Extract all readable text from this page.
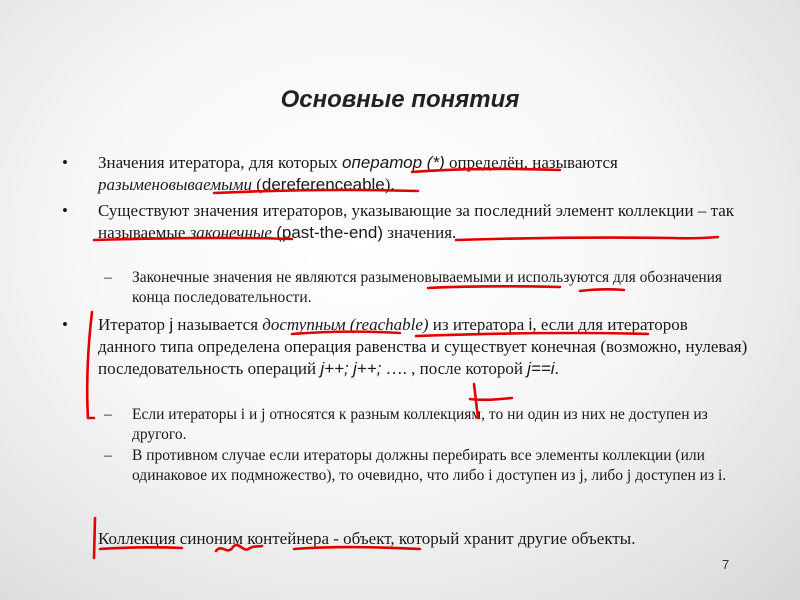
Основные понятия
• Значения итератора, для которых оператор (*) определён, называются разыменовываемыми (dereferenceable).
• Существуют значения итераторов, указывающие за последний элемент коллекции – так называемые законечные (past-the-end) значения.
– Законечные значения не являются разыменовываемыми и используются для обозначения конца последовательности.
• Итератор j называется доступным (reachable) из итератора i, если для итераторов данного типа определена операция равенства и существует конечная (возможно, нулевая) последовательность операций j++; j++; …. , после которой j==i.
– Если итераторы i и j относятся к разным коллекциям, то ни один из них не доступен из другого.
– В противном случае если итераторы должны перебирать все элементы коллекции (или одинаковое их подмножество), то очевидно, что либо i доступен из j, либо j доступен из i.
Коллекция синоним контейнера - объект, который хранит другие объекты.
7
